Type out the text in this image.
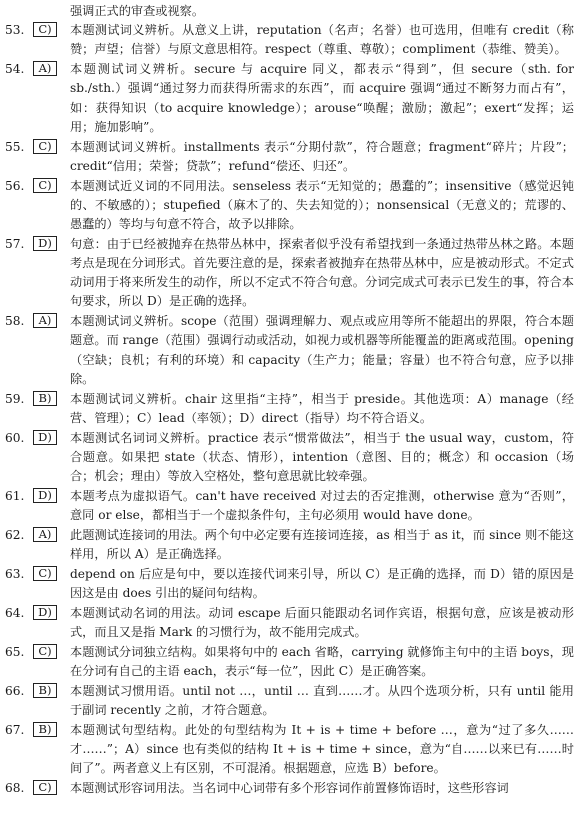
强调正式的审查或视察。
53.	C)	本题测试词义辨析。从意义上讲，reputation（名声；名誉）也可选用，但唯有 credit（称赞；声望；信誉）与原文意思相符。respect（尊重、尊敬）；compliment（恭维、赞美）。
54.	A)	本题测试词义辨析。secure 与 acquire 同义，都表示“得到”，但 secure（sth. for sb./sth.）强调“通过努力而获得所需求的东西”，而 acquire 强调“通过不断努力而占有”，如：获得知识（to acquire knowledge）；arouse“唤醒；激励；激起”；exert“发挥；运用；施加影响”。
55.	C)	本题测试词义辨析。installments 表示“分期付款”，符合题意；fragment“碎片；片段”；credit“信用；荣誉；贷款”；refund“偿还、归还”。
56.	C)	本题测试近义词的不同用法。senseless 表示“无知觉的；愚蠢的”；insensitive（感觉迟钝的、不敏感的）；stupefied（麻木了的、失去知觉的）；nonsensical（无意义的；荒谬的、愚蠢的）等均与句意不符合，故予以排除。
57.	D)	句意：由于已经被抛弃在热带丛林中，探索者似乎没有希望找到一条通过热带丛林之路。本题考点是现在分词形式。首先要注意的是，探索者被抛弃在热带丛林中，应是被动形式。不定式动词用于将来所发生的动作，所以不定式不符合句意。分词完成式可表示已发生的事，符合本句要求，所以 D）是正确的选择。
58.	A)	本题测试词义辨析。scope（范围）强调理解力、观点或应用等所不能超出的界限，符合本题题意。而 range（范围）强调行动或活动，如视力或机器等所能覆盖的距离或范围。opening（空缺；良机；有利的环境）和 capacity（生产力；能量；容量）也不符合句意，应予以排除。
59.	B)	本题测试词义辨析。chair 这里指“主持”，相当于 preside。其他选项：A）manage（经营、管理）；C）lead（率领）；D）direct（指导）均不符合语义。
60.	D)	本题测试名词词义辨析。practice 表示“惯常做法”，相当于 the usual way，custom，符合题意。如果把 state（状态、情形），intention（意图、目的；概念）和 occasion（场合；机会；理由）等放入空格处，整句意思就比较牵强。
61.	D)	本题考点为虚拟语气。can't have received 对过去的否定推测，otherwise 意为“否则”，意同 or else，都相当于一个虚拟条件句，主句必须用 would have done。
62.	A)	此题测试连接词的用法。两个句中必定要有连接词连接，as 相当于 as it，而 since 则不能这样用，所以 A）是正确选择。
63.	C)	depend on 后应是句中，要以连接代词来引导，所以 C）是正确的选择，而 D）错的原因是因这是由 does 引出的疑问句结构。
64.	D)	本题测试动名词的用法。动词 escape 后面只能跟动名词作宾语，根据句意，应该是被动形式，而且又是指 Mark 的习惯行为，故不能用完成式。
65.	C)	本题测试分词独立结构。如果将句中的 each 省略，carrying 就修饰主句中的主语 boys，现在分词有自己的主语 each，表示“每一位”，因此 C）是正确答案。
66.	B)	本题测试习惯用语。until not …，until … 直到……才。从四个选项分析，只有 until 能用于副词 recently 之前，才符合题意。
67.	B)	本题测试句型结构。此处的句型结构为 It + is + time + before …，意为“过了多久……才……”；A）since 也有类似的结构 It + is + time + since，意为“自……以来已有……时间了”。两者意义上有区别，不可混淆。根据题意，应选 B）before。
68.	C)	本题测试形容词用法。当名词中心词带有多个形容词作前置修饰语时，这些形容词
